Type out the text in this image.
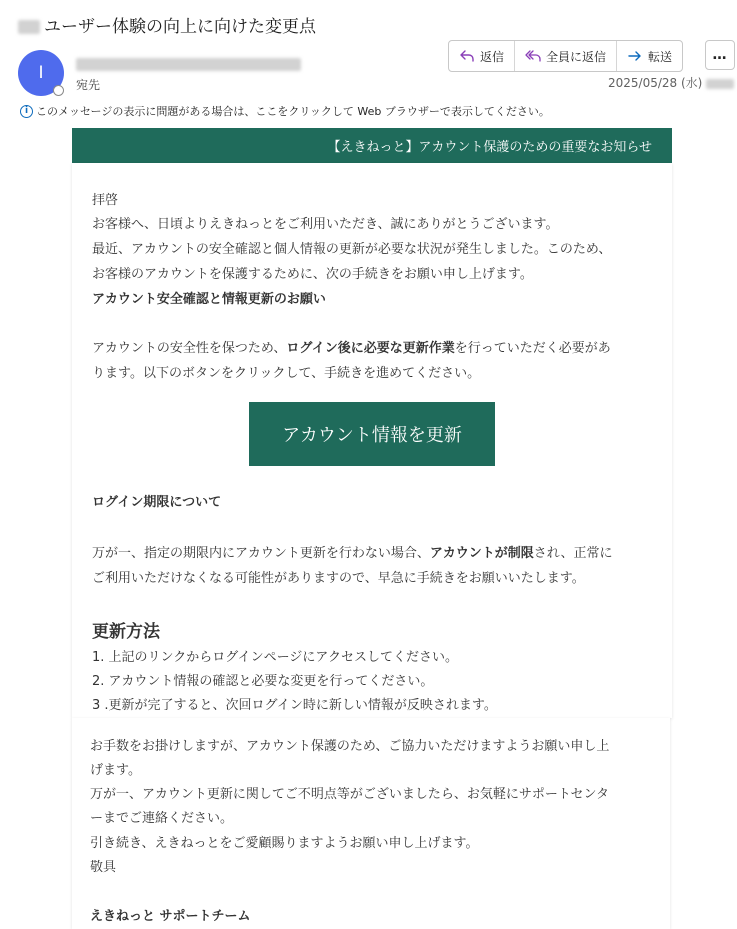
ユーザー体験の向上に向けた変更点
I
宛先
返信	全員に返信	転送	…
2025/05/28 (水)
i このメッセージの表示に問題がある場合は、ここをクリックして Web ブラウザーで表示してください。
【えきねっと】アカウント保護のための重要なお知らせ
拝啓
お客様へ、日頃よりえきねっとをご利用いただき、誠にありがとうございます。
最近、アカウントの安全確認と個人情報の更新が必要な状況が発生しました。このため、
お客様のアカウントを保護するために、次の手続きをお願い申し上げます。
アカウント安全確認と情報更新のお願い
アカウントの安全性を保つため、ログイン後に必要な更新作業を行っていただく必要があ
ります。以下のボタンをクリックして、手続きを進めてください。
アカウント情報を更新
ログイン期限について
万が一、指定の期限内にアカウント更新を行わない場合、アカウントが制限され、正常に
ご利用いただけなくなる可能性がありますので、早急に手続きをお願いいたします。
更新方法
1. 上記のリンクからログインページにアクセスしてください。
2. アカウント情報の確認と必要な変更を行ってください。
3 .更新が完了すると、次回ログイン時に新しい情報が反映されます。
お手数をお掛けしますが、アカウント保護のため、ご協力いただけますようお願い申し上
げます。
万が一、アカウント更新に関してご不明点等がございましたら、お気軽にサポートセンタ
ーまでご連絡ください。
引き続き、えきねっとをご愛顧賜りますようお願い申し上げます。
敬具
えきねっと サポートチーム
